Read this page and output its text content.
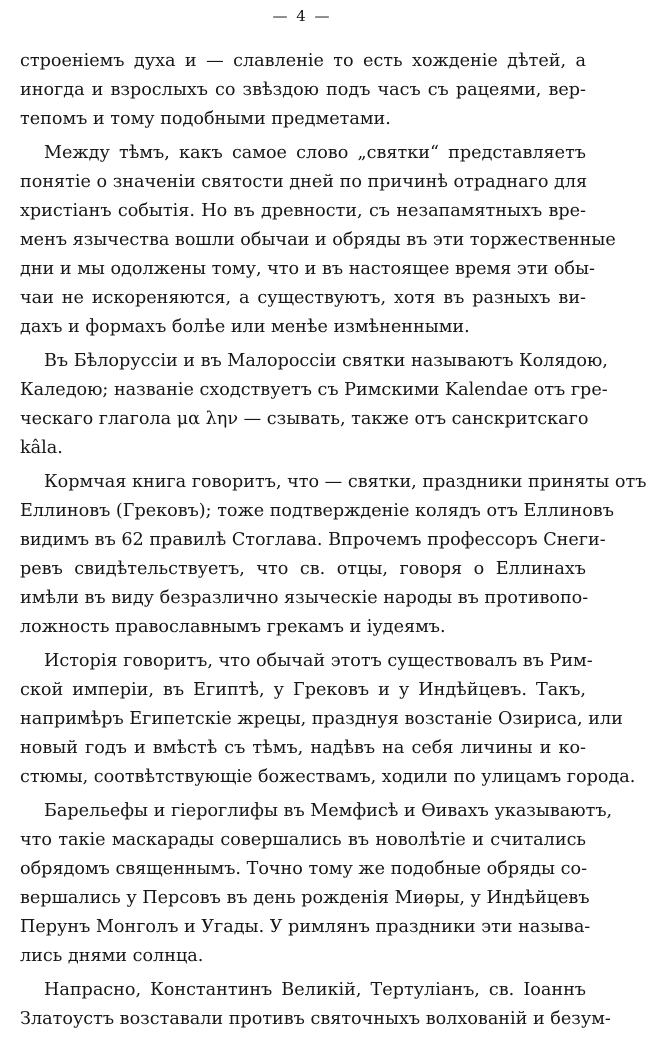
— 4 —
строеніемъ духа и — славленіе то есть хожденіе дѣтей, а
иногда и взрослыхъ со звѣздою подъ часъ съ рацеями, вер-
тепомъ и тому подобными предметами.
Между тѣмъ, какъ самое слово „святки“ представляетъ
понятіе о значеніи святости дней по причинѣ отраднаго для
христіанъ событія. Но въ древности, съ незапамятныхъ вре-
менъ язычества вошли обычаи и обряды въ эти торжественные
дни и мы одолжены тому, что и въ настоящее время эти обы-
чаи не искореняются, а существуютъ, хотя въ разныхъ ви-
дахъ и формахъ болѣе или менѣе измѣненными.
Въ Бѣлоруссіи и въ Малороссіи святки называютъ Колядою,
Каледою; названіе сходствуетъ съ Римскими Kalendae отъ гре-
ческаго глагола μα λην — сзывать, также отъ санскритскаго
kâla.
Кормчая книга говоритъ, что — святки, праздники приняты отъ
Еллиновъ (Грековъ); тоже подтвержденіе колядъ отъ Еллиновъ
видимъ въ 62 правилѣ Стоглава. Впрочемъ профессоръ Снеги-
ревъ свидѣтельствуетъ, что св. отцы, говоря о Еллинахъ
имѣли въ виду безразлично языческіе народы въ противопо-
ложность православнымъ грекамъ и іудеямъ.
Исторія говоритъ, что обычай этотъ существовалъ въ Рим-
ской имперіи, въ Египтѣ, у Грековъ и у Индѣйцевъ. Такъ,
напримѣръ Египетскіе жрецы, празднуя возстаніе Озириса, или
новый годъ и вмѣстѣ съ тѣмъ, надѣвъ на себя личины и ко-
стюмы, соотвѣтствующіе божествамъ, ходили по улицамъ города.
Барельефы и гіероглифы въ Мемфисѣ и Ѳивахъ указываютъ,
что такіе маскарады совершались въ новолѣтіе и считались
обрядомъ священнымъ. Точно тому же подобные обряды со-
вершались у Персовъ въ день рожденія Миѳры, у Индѣйцевъ
Перунъ Монголъ и Угады. У римлянъ праздники эти называ-
лись днями солнца.
Напрасно, Константинъ Великій, Тертуліанъ, св. Іоаннъ
Златоустъ возставали противъ святочныхъ волхованій и безум-
